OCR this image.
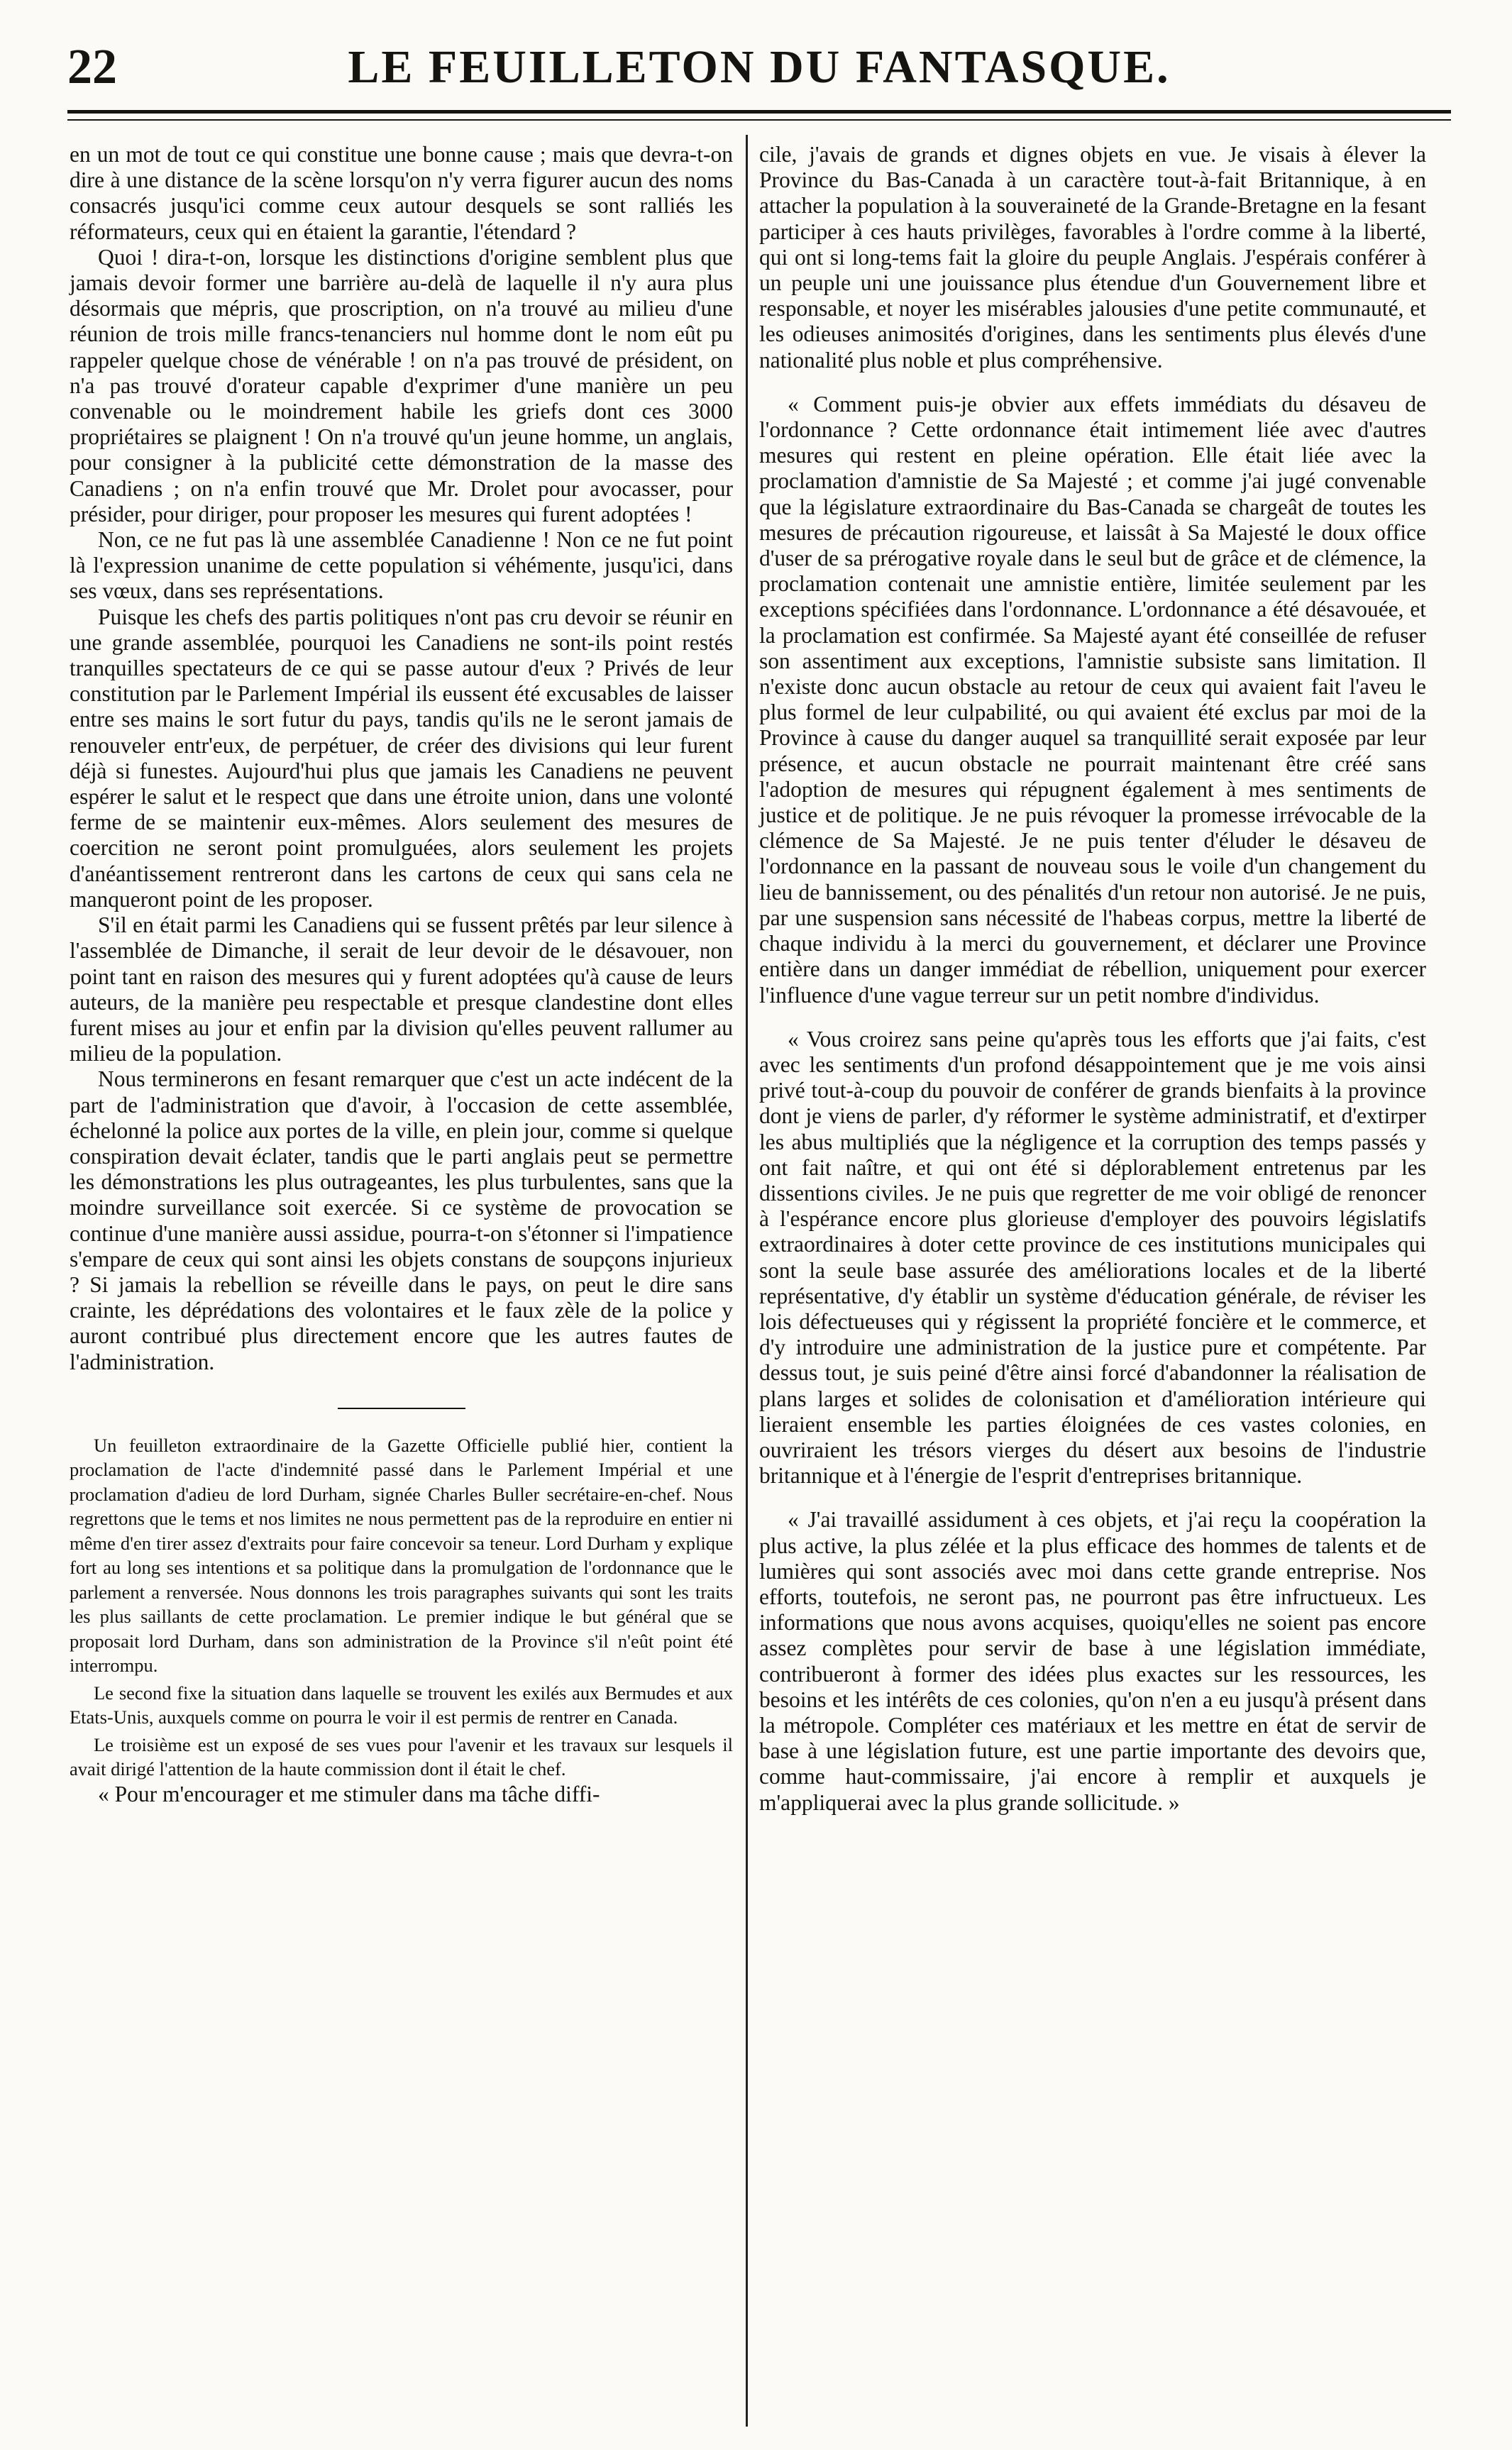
22	LE FEUILLETON DU FANTASQUE.

en un mot de tout ce qui constitue une bonne cause ; mais que devra-t-on dire à une distance de la scène lorsqu'on n'y verra figurer aucun des noms consacrés jusqu'ici comme ceux autour desquels se sont ralliés les réformateurs, ceux qui en étaient la garantie, l'étendard ?

Quoi ! dira-t-on, lorsque les distinctions d'origine semblent plus que jamais devoir former une barrière au-delà de laquelle il n'y aura plus désormais que mépris, que proscription, on n'a trouvé au milieu d'une réunion de trois mille francs-tenanciers nul homme dont le nom eût pu rappeler quelque chose de vénérable ! on n'a pas trouvé de président, on n'a pas trouvé d'orateur capable d'exprimer d'une manière un peu convenable ou le moindrement habile les griefs dont ces 3000 propriétaires se plaignent ! On n'a trouvé qu'un jeune homme, un anglais, pour consigner à la publicité cette démonstration de la masse des Canadiens ; on n'a enfin trouvé que Mr. Drolet pour avocasser, pour présider, pour diriger, pour proposer les mesures qui furent adoptées !

Non, ce ne fut pas là une assemblée Canadienne ! Non ce ne fut point là l'expression unanime de cette population si véhémente, jusqu'ici, dans ses vœux, dans ses représentations.

Puisque les chefs des partis politiques n'ont pas cru devoir se réunir en une grande assemblée, pourquoi les Canadiens ne sont-ils point restés tranquilles spectateurs de ce qui se passe autour d'eux ? Privés de leur constitution par le Parlement Impérial ils eussent été excusables de laisser entre ses mains le sort futur du pays, tandis qu'ils ne le seront jamais de renouveler entr'eux, de perpétuer, de créer des divisions qui leur furent déjà si funestes. Aujourd'hui plus que jamais les Canadiens ne peuvent espérer le salut et le respect que dans une étroite union, dans une volonté ferme de se maintenir eux-mêmes. Alors seulement des mesures de coercition ne seront point promulguées, alors seulement les projets d'anéantissement rentreront dans les cartons de ceux qui sans cela ne manqueront point de les proposer.

S'il en était parmi les Canadiens qui se fussent prêtés par leur silence à l'assemblée de Dimanche, il serait de leur devoir de le désavouer, non point tant en raison des mesures qui y furent adoptées qu'à cause de leurs auteurs, de la manière peu respectable et presque clandestine dont elles furent mises au jour et enfin par la division qu'elles peuvent rallumer au milieu de la population.

Nous terminerons en fesant remarquer que c'est un acte indécent de la part de l'administration que d'avoir, à l'occasion de cette assemblée, échelonné la police aux portes de la ville, en plein jour, comme si quelque conspiration devait éclater, tandis que le parti anglais peut se permettre les démonstrations les plus outrageantes, les plus turbulentes, sans que la moindre surveillance soit exercée. Si ce système de provocation se continue d'une manière aussi assidue, pourra-t-on s'étonner si l'impatience s'empare de ceux qui sont ainsi les objets constans de soupçons injurieux ? Si jamais la rebellion se réveille dans le pays, on peut le dire sans crainte, les déprédations des volontaires et le faux zèle de la police y auront contribué plus directement encore que les autres fautes de l'administration.

Un feuilleton extraordinaire de la Gazette Officielle publié hier, contient la proclamation de l'acte d'indemnité passé dans le Parlement Impérial et une proclamation d'adieu de lord Durham, signée Charles Buller secrétaire-en-chef. Nous regrettons que le tems et nos limites ne nous permettent pas de la reproduire en entier ni même d'en tirer assez d'extraits pour faire concevoir sa teneur. Lord Durham y explique fort au long ses intentions et sa politique dans la promulgation de l'ordonnance que le parlement a renversée. Nous donnons les trois paragraphes suivants qui sont les traits les plus saillants de cette proclamation. Le premier indique le but général que se proposait lord Durham, dans son administration de la Province s'il n'eût point été interrompu.

Le second fixe la situation dans laquelle se trouvent les exilés aux Bermudes et aux Etats-Unis, auxquels comme on pourra le voir il est permis de rentrer en Canada.

Le troisième est un exposé de ses vues pour l'avenir et les travaux sur lesquels il avait dirigé l'attention de la haute commission dont il était le chef.

« Pour m'encourager et me stimuler dans ma tâche diffi-

cile, j'avais de grands et dignes objets en vue. Je visais à élever la Province du Bas-Canada à un caractère tout-à-fait Britannique, à en attacher la population à la souveraineté de la Grande-Bretagne en la fesant participer à ces hauts privilèges, favorables à l'ordre comme à la liberté, qui ont si long-tems fait la gloire du peuple Anglais. J'espérais conférer à un peuple uni une jouissance plus étendue d'un Gouvernement libre et responsable, et noyer les misérables jalousies d'une petite communauté, et les odieuses animosités d'origines, dans les sentiments plus élevés d'une nationalité plus noble et plus compréhensive.

« Comment puis-je obvier aux effets immédiats du désaveu de l'ordonnance ? Cette ordonnance était intimement liée avec d'autres mesures qui restent en pleine opération. Elle était liée avec la proclamation d'amnistie de Sa Majesté ; et comme j'ai jugé convenable que la législature extraordinaire du Bas-Canada se chargeât de toutes les mesures de précaution rigoureuse, et laissât à Sa Majesté le doux office d'user de sa prérogative royale dans le seul but de grâce et de clémence, la proclamation contenait une amnistie entière, limitée seulement par les exceptions spécifiées dans l'ordonnance. L'ordonnance a été désavouée, et la proclamation est confirmée. Sa Majesté ayant été conseillée de refuser son assentiment aux exceptions, l'amnistie subsiste sans limitation. Il n'existe donc aucun obstacle au retour de ceux qui avaient fait l'aveu le plus formel de leur culpabilité, ou qui avaient été exclus par moi de la Province à cause du danger auquel sa tranquillité serait exposée par leur présence, et aucun obstacle ne pourrait maintenant être créé sans l'adoption de mesures qui répugnent également à mes sentiments de justice et de politique. Je ne puis révoquer la promesse irrévocable de la clémence de Sa Majesté. Je ne puis tenter d'éluder le désaveu de l'ordonnance en la passant de nouveau sous le voile d'un changement du lieu de bannissement, ou des pénalités d'un retour non autorisé. Je ne puis, par une suspension sans nécessité de l'habeas corpus, mettre la liberté de chaque individu à la merci du gouvernement, et déclarer une Province entière dans un danger immédiat de rébellion, uniquement pour exercer l'influence d'une vague terreur sur un petit nombre d'individus.

« Vous croirez sans peine qu'après tous les efforts que j'ai faits, c'est avec les sentiments d'un profond désappointement que je me vois ainsi privé tout-à-coup du pouvoir de conférer de grands bienfaits à la province dont je viens de parler, d'y réformer le système administratif, et d'extirper les abus multipliés que la négligence et la corruption des temps passés y ont fait naître, et qui ont été si déplorablement entretenus par les dissentions civiles. Je ne puis que regretter de me voir obligé de renoncer à l'espérance encore plus glorieuse d'employer des pouvoirs législatifs extraordinaires à doter cette province de ces institutions municipales qui sont la seule base assurée des améliorations locales et de la liberté représentative, d'y établir un système d'éducation générale, de réviser les lois défectueuses qui y régissent la propriété foncière et le commerce, et d'y introduire une administration de la justice pure et compétente. Par dessus tout, je suis peiné d'être ainsi forcé d'abandonner la réalisation de plans larges et solides de colonisation et d'amélioration intérieure qui lieraient ensemble les parties éloignées de ces vastes colonies, en ouvriraient les trésors vierges du désert aux besoins de l'industrie britannique et à l'énergie de l'esprit d'entreprises britannique.

« J'ai travaillé assidument à ces objets, et j'ai reçu la coopération la plus active, la plus zélée et la plus efficace des hommes de talents et de lumières qui sont associés avec moi dans cette grande entreprise. Nos efforts, toutefois, ne seront pas, ne pourront pas être infructueux. Les informations que nous avons acquises, quoiqu'elles ne soient pas encore assez complètes pour servir de base à une législation immédiate, contribueront à former des idées plus exactes sur les ressources, les besoins et les intérêts de ces colonies, qu'on n'en a eu jusqu'à présent dans la métropole. Compléter ces matériaux et les mettre en état de servir de base à une législation future, est une partie importante des devoirs que, comme haut-commissaire, j'ai encore à remplir et auxquels je m'appliquerai avec la plus grande sollicitude. »
